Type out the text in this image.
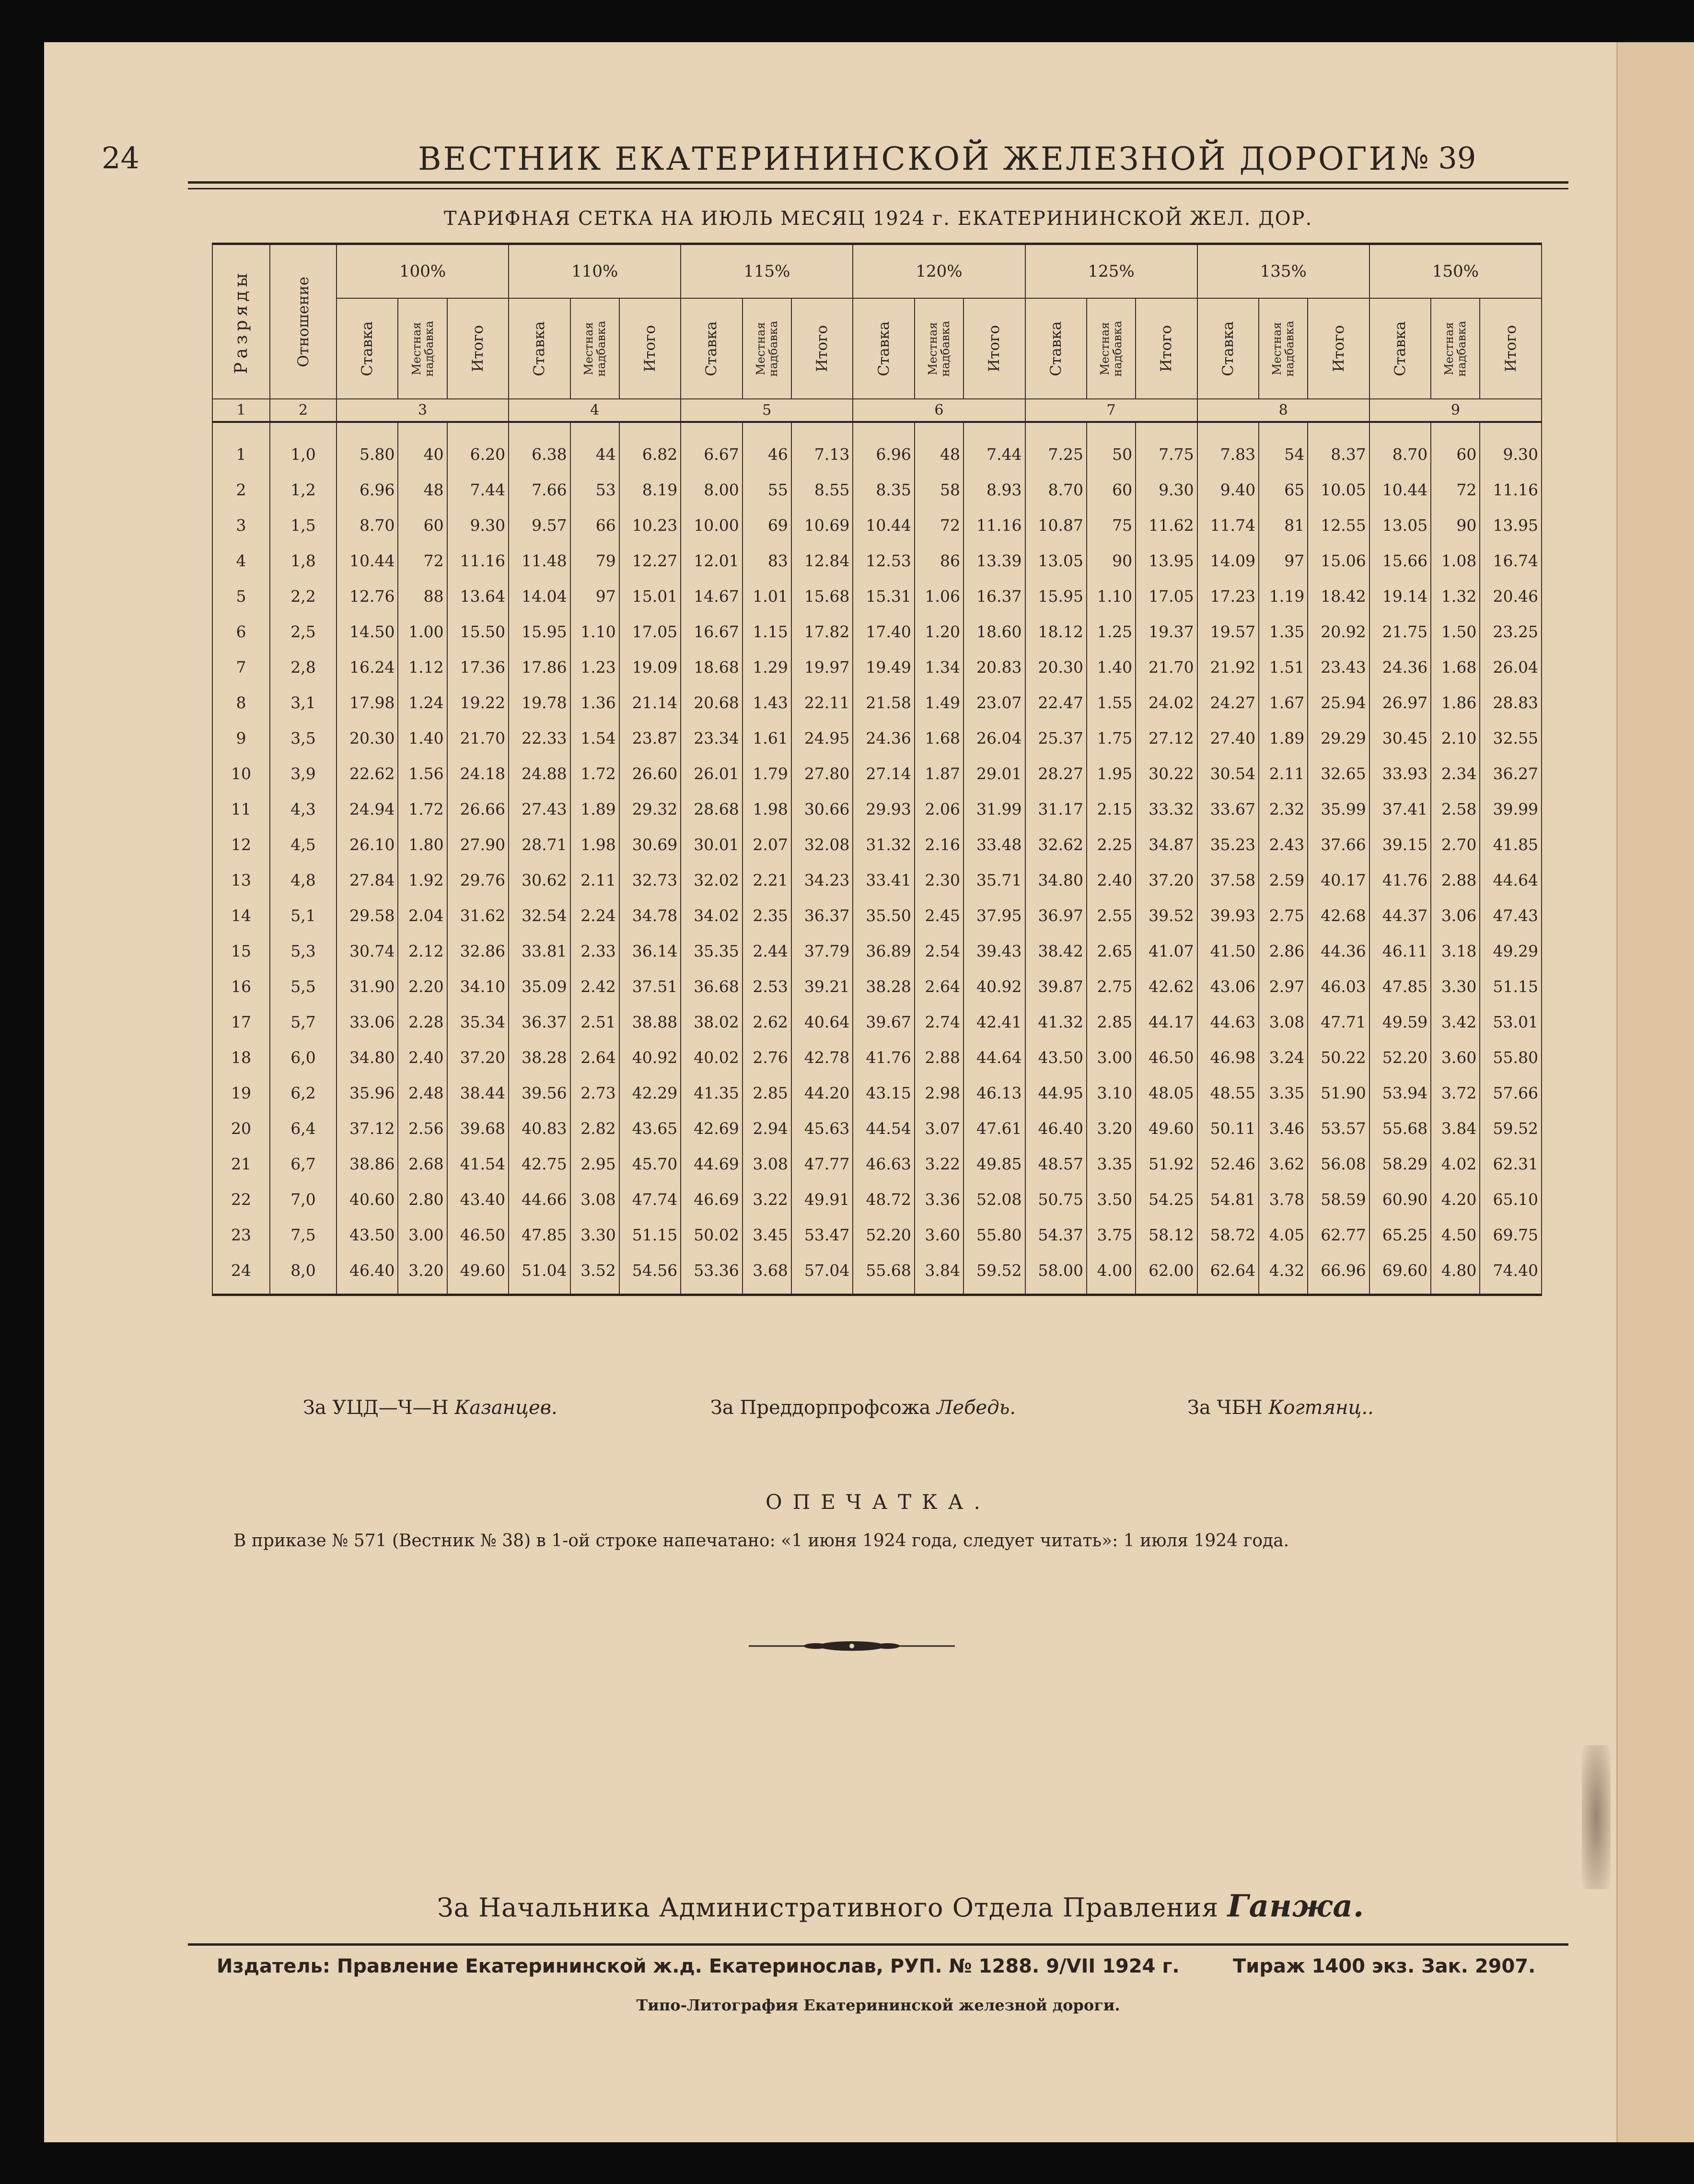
24	ВЕСТНИК ЕКАТЕРИНИНСКОЙ ЖЕЛЕЗНОЙ ДОРОГИ.
№ 39
ТАРИФНАЯ СЕТКА НА ИЮЛЬ МЕСЯЦ 1924 г. ЕКАТЕРИНИНСКОЙ ЖЕЛ. ДОР.
Разряды	Отношение	100%			110%			115%			120%			125%			135%			150%		

		Ставка	Местная
надбавка	Итого	Ставка	Местная
надбавка	Итого	Ставка	Местная
надбавка	Итого	Ставка	Местная
надбавка	Итого	Ставка	Местная
надбавка	Итого	Ставка	Местная
надбавка	Итого	Ставка	Местная
надбавка	Итого

1	2	3			4			5			6			7			8			9		
1	1,0	5.80	40	6.20	6.38	44	6.82	6.67	46	7.13	6.96	48	7.44	7.25	50	7.75	7.83	54	8.37	8.70	60	9.30
2	1,2	6.96	48	7.44	7.66	53	8.19	8.00	55	8.55	8.35	58	8.93	8.70	60	9.30	9.40	65	10.05	10.44	72	11.16
3	1,5	8.70	60	9.30	9.57	66	10.23	10.00	69	10.69	10.44	72	11.16	10.87	75	11.62	11.74	81	12.55	13.05	90	13.95
4	1,8	10.44	72	11.16	11.48	79	12.27	12.01	83	12.84	12.53	86	13.39	13.05	90	13.95	14.09	97	15.06	15.66	1.08	16.74
5	2,2	12.76	88	13.64	14.04	97	15.01	14.67	1.01	15.68	15.31	1.06	16.37	15.95	1.10	17.05	17.23	1.19	18.42	19.14	1.32	20.46
6	2,5	14.50	1.00	15.50	15.95	1.10	17.05	16.67	1.15	17.82	17.40	1.20	18.60	18.12	1.25	19.37	19.57	1.35	20.92	21.75	1.50	23.25
7	2,8	16.24	1.12	17.36	17.86	1.23	19.09	18.68	1.29	19.97	19.49	1.34	20.83	20.30	1.40	21.70	21.92	1.51	23.43	24.36	1.68	26.04
8	3,1	17.98	1.24	19.22	19.78	1.36	21.14	20.68	1.43	22.11	21.58	1.49	23.07	22.47	1.55	24.02	24.27	1.67	25.94	26.97	1.86	28.83
9	3,5	20.30	1.40	21.70	22.33	1.54	23.87	23.34	1.61	24.95	24.36	1.68	26.04	25.37	1.75	27.12	27.40	1.89	29.29	30.45	2.10	32.55
10	3,9	22.62	1.56	24.18	24.88	1.72	26.60	26.01	1.79	27.80	27.14	1.87	29.01	28.27	1.95	30.22	30.54	2.11	32.65	33.93	2.34	36.27
11	4,3	24.94	1.72	26.66	27.43	1.89	29.32	28.68	1.98	30.66	29.93	2.06	31.99	31.17	2.15	33.32	33.67	2.32	35.99	37.41	2.58	39.99
12	4,5	26.10	1.80	27.90	28.71	1.98	30.69	30.01	2.07	32.08	31.32	2.16	33.48	32.62	2.25	34.87	35.23	2.43	37.66	39.15	2.70	41.85
13	4,8	27.84	1.92	29.76	30.62	2.11	32.73	32.02	2.21	34.23	33.41	2.30	35.71	34.80	2.40	37.20	37.58	2.59	40.17	41.76	2.88	44.64
14	5,1	29.58	2.04	31.62	32.54	2.24	34.78	34.02	2.35	36.37	35.50	2.45	37.95	36.97	2.55	39.52	39.93	2.75	42.68	44.37	3.06	47.43
15	5,3	30.74	2.12	32.86	33.81	2.33	36.14	35.35	2.44	37.79	36.89	2.54	39.43	38.42	2.65	41.07	41.50	2.86	44.36	46.11	3.18	49.29
16	5,5	31.90	2.20	34.10	35.09	2.42	37.51	36.68	2.53	39.21	38.28	2.64	40.92	39.87	2.75	42.62	43.06	2.97	46.03	47.85	3.30	51.15
17	5,7	33.06	2.28	35.34	36.37	2.51	38.88	38.02	2.62	40.64	39.67	2.74	42.41	41.32	2.85	44.17	44.63	3.08	47.71	49.59	3.42	53.01
18	6,0	34.80	2.40	37.20	38.28	2.64	40.92	40.02	2.76	42.78	41.76	2.88	44.64	43.50	3.00	46.50	46.98	3.24	50.22	52.20	3.60	55.80
19	6,2	35.96	2.48	38.44	39.56	2.73	42.29	41.35	2.85	44.20	43.15	2.98	46.13	44.95	3.10	48.05	48.55	3.35	51.90	53.94	3.72	57.66
20	6,4	37.12	2.56	39.68	40.83	2.82	43.65	42.69	2.94	45.63	44.54	3.07	47.61	46.40	3.20	49.60	50.11	3.46	53.57	55.68	3.84	59.52
21	6,7	38.86	2.68	41.54	42.75	2.95	45.70	44.69	3.08	47.77	46.63	3.22	49.85	48.57	3.35	51.92	52.46	3.62	56.08	58.29	4.02	62.31
22	7,0	40.60	2.80	43.40	44.66	3.08	47.74	46.69	3.22	49.91	48.72	3.36	52.08	50.75	3.50	54.25	54.81	3.78	58.59	60.90	4.20	65.10
23	7,5	43.50	3.00	46.50	47.85	3.30	51.15	50.02	3.45	53.47	52.20	3.60	55.80	54.37	3.75	58.12	58.72	4.05	62.77	65.25	4.50	69.75
24	8,0	46.40	3.20	49.60	51.04	3.52	54.56	53.36	3.68	57.04	55.68	3.84	59.52	58.00	4.00	62.00	62.64	4.32	66.96	69.60	4.80	74.40
За УЦД—Ч—Н Казанцев.	За Преддорпрофсожа Лебедь.	За ЧБН Когтянц..
ОПЕЧАТКА.
В приказе № 571 (Вестник № 38) в 1-ой строке напечатано: «1 июня 1924 года, следует читать»: 1 июля 1924 года.
За Начальника Административного Отдела Правления Ганжа.
Издатель: Правление Екатерининской ж.д. Екатеринослав, РУП. № 1288. 9/VII 1924 г.	Тираж 1400 экз. Зак. 2907.
Типо-Литография Екатерининской железной дороги.
